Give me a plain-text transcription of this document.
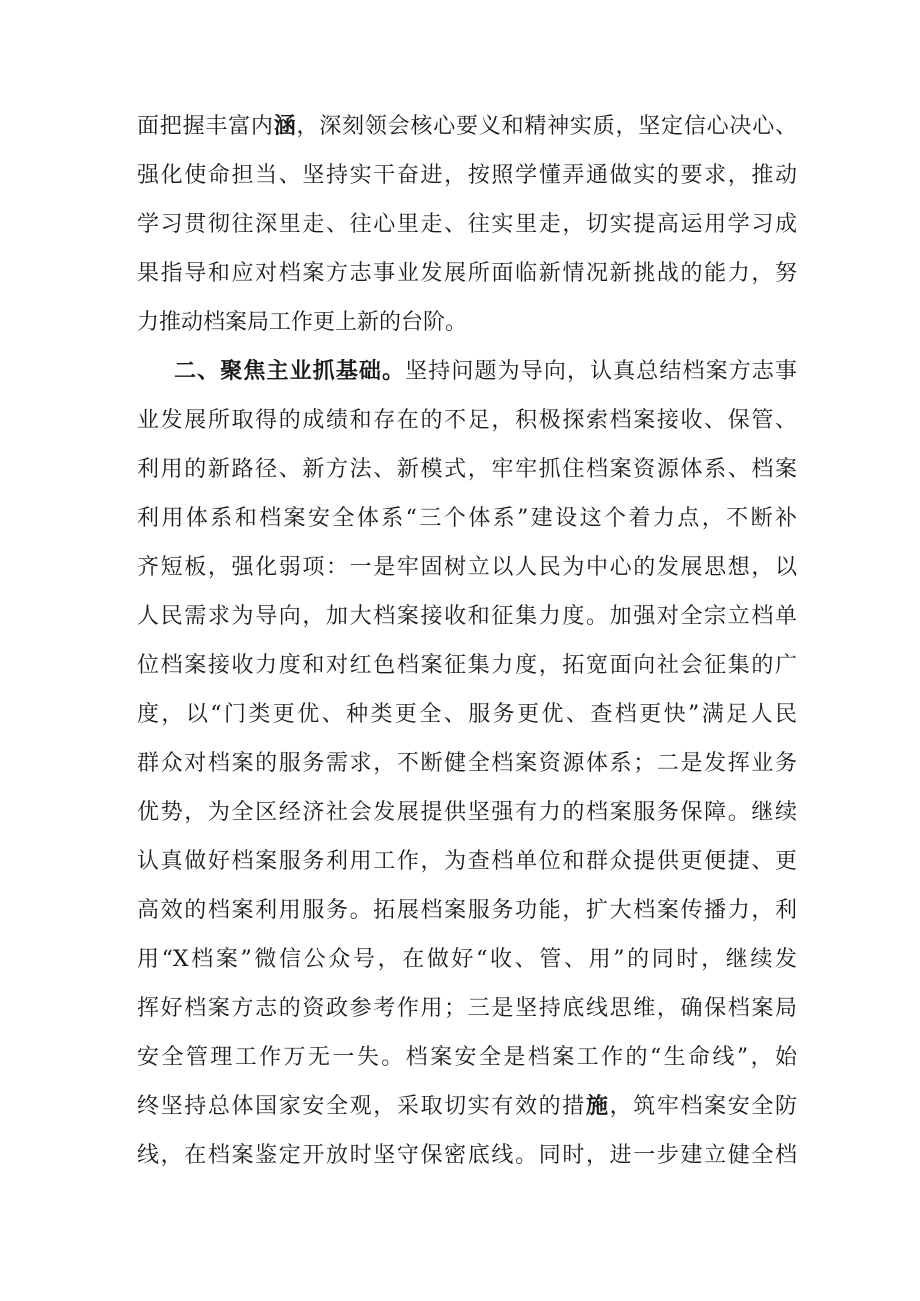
面把握丰富内涵，深刻领会核心要义和精神实质，坚定信心决心、
强化使命担当、坚持实干奋进，按照学懂弄通做实的要求，推动
学习贯彻往深里走、往心里走、往实里走，切实提高运用学习成
果指导和应对档案方志事业发展所面临新情况新挑战的能力，努
力推动档案局工作更上新的台阶。
二、聚焦主业抓基础。坚持问题为导向，认真总结档案方志事
业发展所取得的成绩和存在的不足，积极探索档案接收、保管、
利用的新路径、新方法、新模式，牢牢抓住档案资源体系、档案
利用体系和档案安全体系“三个体系”建设这个着力点，不断补
齐短板，强化弱项：一是牢固树立以人民为中心的发展思想，以
人民需求为导向，加大档案接收和征集力度。加强对全宗立档单
位档案接收力度和对红色档案征集力度，拓宽面向社会征集的广
度，以“门类更优、种类更全、服务更优、查档更快”满足人民
群众对档案的服务需求，不断健全档案资源体系；二是发挥业务
优势，为全区经济社会发展提供坚强有力的档案服务保障。继续
认真做好档案服务利用工作，为查档单位和群众提供更便捷、更
高效的档案利用服务。拓展档案服务功能，扩大档案传播力，利
用“X档案”微信公众号，在做好“收、管、用”的同时，继续发
挥好档案方志的资政参考作用；三是坚持底线思维，确保档案局
安全管理工作万无一失。档案安全是档案工作的“生命线”，始
终坚持总体国家安全观，采取切实有效的措施，筑牢档案安全防
线，在档案鉴定开放时坚守保密底线。同时，进一步建立健全档
